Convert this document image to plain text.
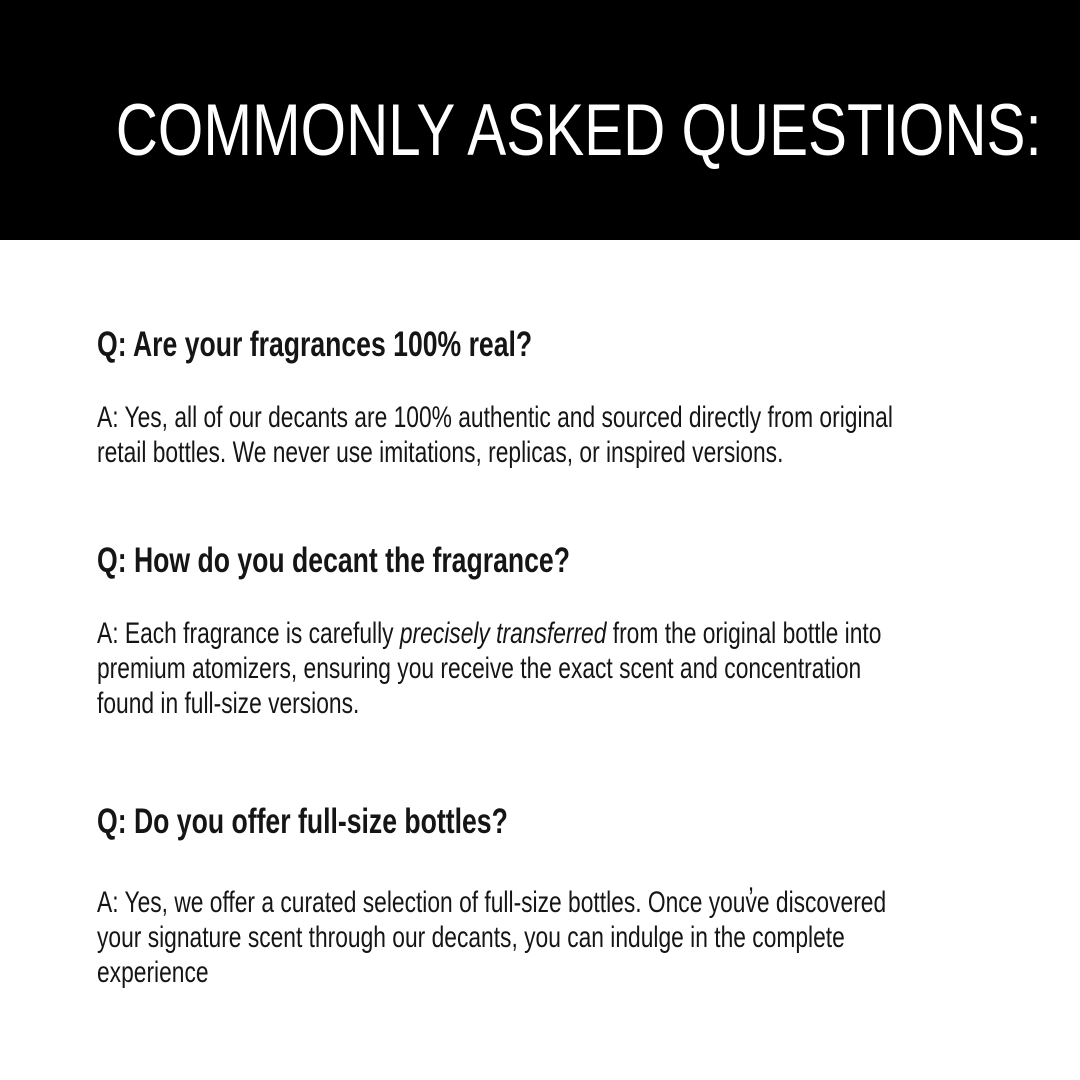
COMMONLY ASKED QUESTIONS:
Q: Are your fragrances 100% real?
A: Yes, all of our decants are 100% authentic and sourced directly from original
retail bottles. We never use imitations, replicas, or inspired versions.
Q: How do you decant the fragrance?
A: Each fragrance is carefully precisely transferred from the original bottle into
premium atomizers, ensuring you receive the exact scent and concentration
found in full-size versions.
Q: Do you offer full-size bottles?
A: Yes, we offer a curated selection of full-size bottles. Once youv̓e discovered
your signature scent through our decants, you can indulge in the complete
experience
